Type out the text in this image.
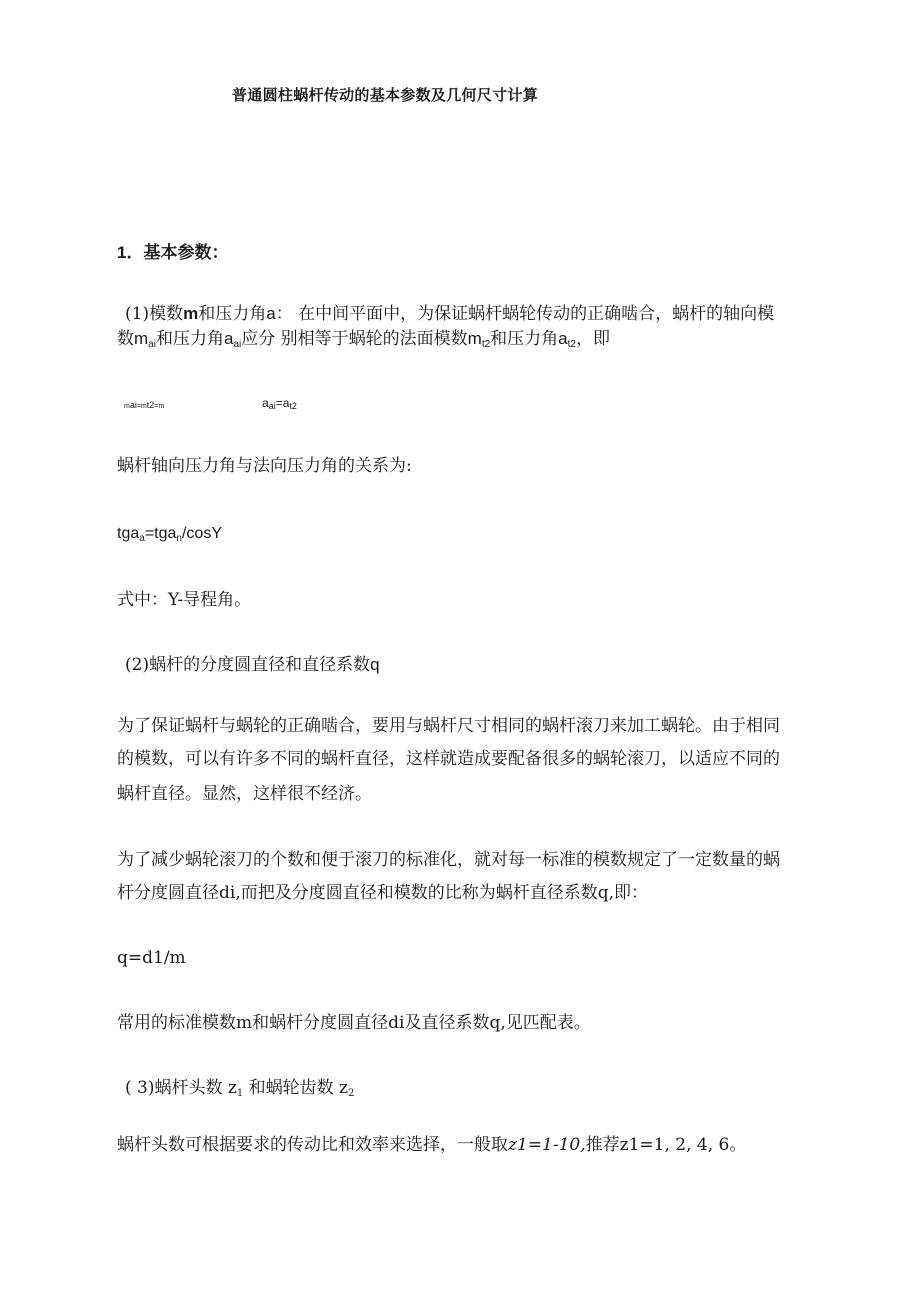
普通圆柱蜗杆传动的基本参数及几何尺寸计算
1．基本参数：
(1)模数m和压力角a： 在中间平面中，为保证蜗杆蜗轮传动的正确啮合，蜗杆的轴向模
数$m_{ai}$和压力角$a_{ai}$应分 别相等于蜗轮的法面模数$m_{t2}$和压力角$a_{t2}$，即
mai=mt2=m	aai=at2
蜗杆轴向压力角与法向压力角的关系为:
tga$_a$=tga$_n$/cosY
式中：Y-导程角。
(2)蜗杆的分度圆直径和直径系数q
为了保证蜗杆与蜗轮的正确啮合，要用与蜗杆尺寸相同的蜗杆滚刀来加工蜗轮。由于相同
的模数，可以有许多不同的蜗杆直径，这样就造成要配备很多的蜗轮滚刀，以适应不同的
蜗杆直径。显然，这样很不经济。
为了减少蜗轮滚刀的个数和便于滚刀的标准化，就对每一标准的模数规定了一定数量的蜗
杆分度圆直径di,而把及分度圆直径和模数的比称为蜗杆直径系数q,即：
q=d1/m
常用的标准模数m和蜗杆分度圆直径di及直径系数q,见匹配表。
( 3)蜗杆头数 $z_1$ 和蜗轮齿数 $z_2$
蜗杆头数可根据要求的传动比和效率来选择，一般取z1=1-10,推荐z1=1, 2, 4, 6。
